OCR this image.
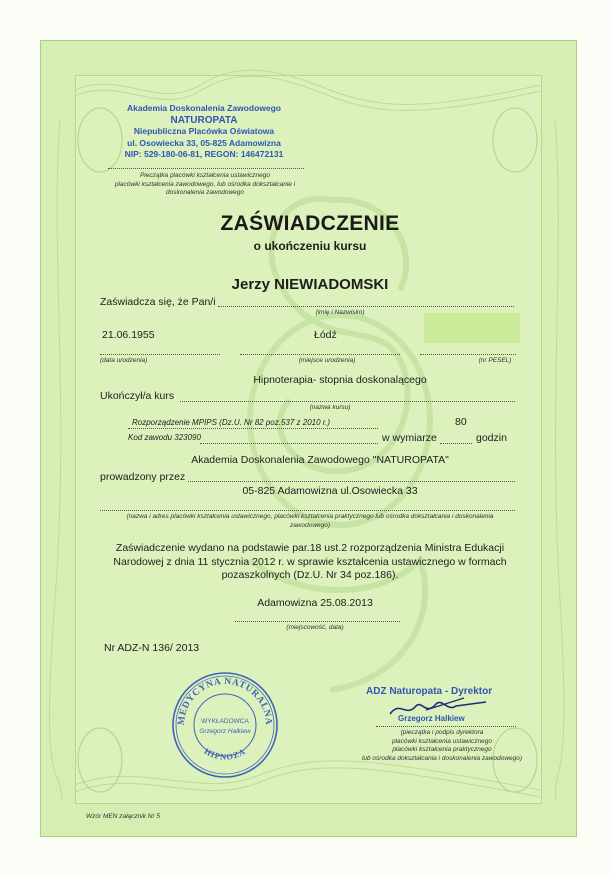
Akademia Doskonalenia Zawodowego
NATUROPATA
Niepubliczna Placówka Oświatowa
ul. Osowiecka 33, 05-825 Adamowizna
NIP: 529-180-06-81, REGON: 146472131
Pieczątka placówki kształcenia ustawicznego
placówki kształcenia zawodowego, lub ośrodka dokształcanie i
doskonalenia zawodowego
ZAŚWIADCZENIE
o ukończeniu kursu
Jerzy NIEWIADOMSKI
Zaświadcza się, że Pan/i
(imię i Nazwisko)
21.06.1955	Łódź
(data urodzenia)	(miejsce urodzenia)	(nr PESEL)
Hipnoterapia- stopnia doskonalącego
Ukończył/a kurs
(nazwa kursu)
Rozporządzenie MPIPS (Dz.U. Nr 82 poz.537 z 2010 r.)	80
Kod zawodu 323090	w wymiarze	godzin
Akademia Doskonalenia Zawodowego "NATUROPATA"
prowadzony przez
05-825 Adamowizna ul.Osowiecka 33
(nazwa i adres placówki kształcenia ustawicznego, placówki kształcenia praktycznego lub ośrodka dokształcania i doskonalenia
zawodowego)
Zaświadczenie wydano na podstawie par.18 ust.2 rozporządzenia Ministra Edukacji
Narodowej z dnia 11 stycznia 2012 r. w sprawie kształcenia ustawicznego w formach
pozaszkolnych (Dz.U. Nr 34 poz.186).
Adamowizna 25.08.2013
(miejscowość, data)
Nr ADZ-N 136/ 2013
MEDYCYNA NATURALNA
HIPNOZA
WYKŁADOWCA
Grzegorz Halkiew
ADZ Naturopata - Dyrektor
Grzegorz Halkiew
(pieczątka i podpis dyrektora
placówki kształcenia ustawicznego
placówki kształcenia praktycznego
lub ośrodka dokształcania i doskonalenia zawodowego)
Wzór MEN załącznik Nr 5
